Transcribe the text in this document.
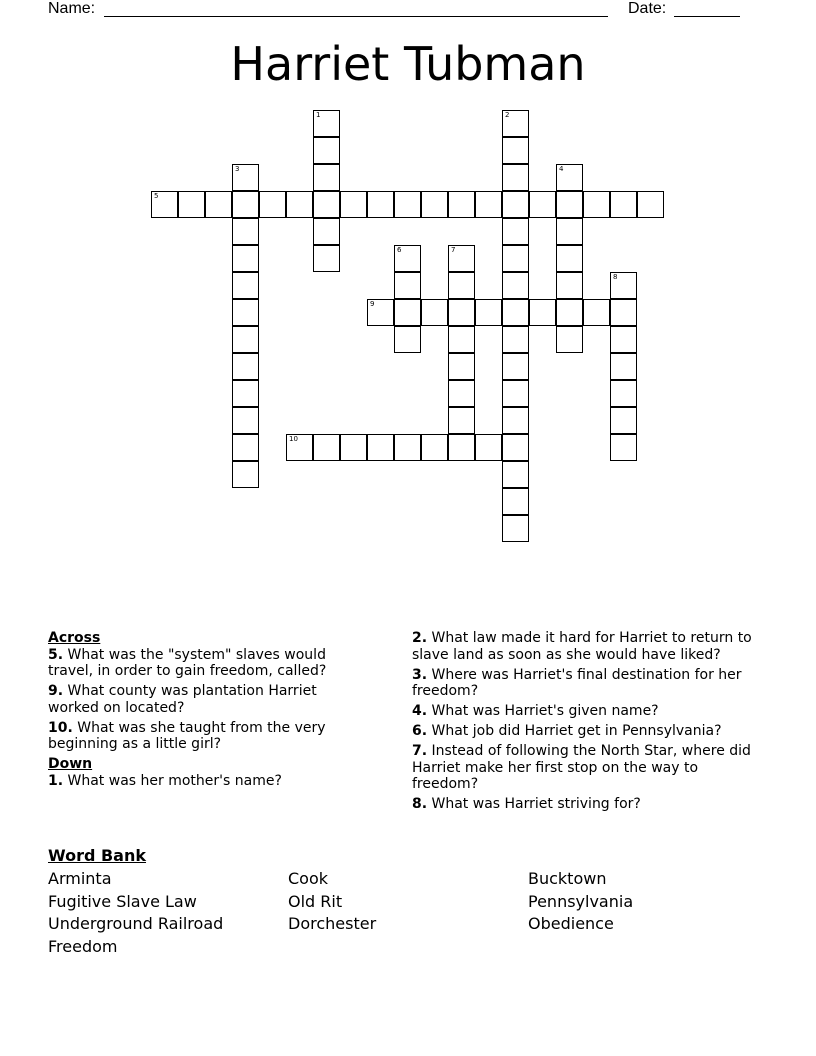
Name:	Date:
Harriet Tubman
1	2
3	4
5
6	7
8
9
10

Across

5. What was the "system" slaves would travel, in order to gain freedom, called?

9. What county was plantation Harriet worked on located?

10. What was she taught from the very beginning as a little girl?

Down

1. What was her mother's name?

2. What law made it hard for Harriet to return to slave land as soon as she would have liked?

3. Where was Harriet's final destination for her freedom?

4. What was Harriet's given name?

6. What job did Harriet get in Pennsylvania?

7. Instead of following the North Star, where did Harriet make her first stop on the way to freedom?

8. What was Harriet striving for?

Word Bank
Arminta	Cook	Bucktown
Fugitive Slave Law	Old Rit	Pennsylvania
Underground Railroad	Dorchester	Obedience
Freedom
